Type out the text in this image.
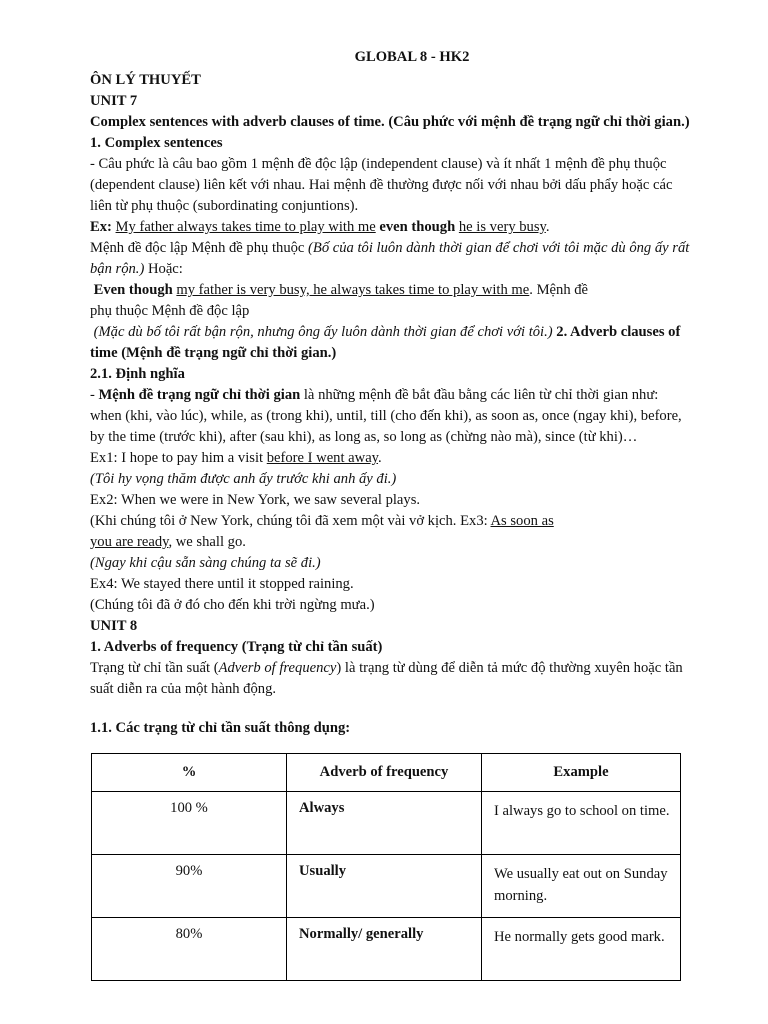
GLOBAL 8 - HK2

ÔN LÝ THUYẾT

UNIT 7

Complex sentences with adverb clauses of time. (Câu phức với mệnh đề trạng ngữ chỉ thời gian.)

1. Complex sentences

- Câu phức là câu bao gồm 1 mệnh đề độc lập (independent clause) và ít nhất 1 mệnh đề phụ thuộc (dependent clause) liên kết với nhau. Hai mệnh đề thường được nối với nhau bởi dấu phẩy hoặc các liên từ phụ thuộc (subordinating conjuntions).

Ex: My father always takes time to play with me even though he is very busy.

Mệnh đề độc lập Mệnh đề phụ thuộc (Bố của tôi luôn dành thời gian để chơi với tôi mặc dù ông ấy rất bận rộn.) Hoặc:

Even though my father is very busy, he always takes time to play with me. Mệnh đề

phụ thuộc Mệnh đề độc lập

(Mặc dù bố tôi rất bận rộn, nhưng ông ấy luôn dành thời gian để chơi với tôi.) 2. Adverb clauses of time (Mệnh đề trạng ngữ chỉ thời gian.)

2.1. Định nghĩa

- Mệnh đề trạng ngữ chỉ thời gian là những mệnh đề bắt đầu bằng các liên từ chỉ thời gian như: when (khi, vào lúc), while, as (trong khi), until, till (cho đến khi), as soon as, once (ngay khi), before, by the time (trước khi), after (sau khi), as long as, so long as (chừng nào mà), since (từ khi)…

Ex1: I hope to pay him a visit before I went away.

(Tôi hy vọng thăm được anh ấy trước khi anh ấy đi.)

Ex2: When we were in New York, we saw several plays.

(Khi chúng tôi ở New York, chúng tôi đã xem một vài vở kịch. Ex3: As soon as

you are ready, we shall go.

(Ngay khi cậu sẵn sàng chúng ta sẽ đi.)

Ex4: We stayed there until it stopped raining.

(Chúng tôi đã ở đó cho đến khi trời ngừng mưa.)

UNIT 8

1. Adverbs of frequency (Trạng từ chỉ tần suất)

Trạng từ chỉ tần suất (Adverb of frequency) là trạng từ dùng để diễn tả mức độ thường xuyên hoặc tần suất diễn ra của một hành động.

1.1. Các trạng từ chỉ tần suất thông dụng:

%	Adverb of frequency	Example
100 %	Always	I always go to school on time.
90%	Usually	We usually eat out on Sunday morning.
80%	Normally/ generally	He normally gets good mark.
